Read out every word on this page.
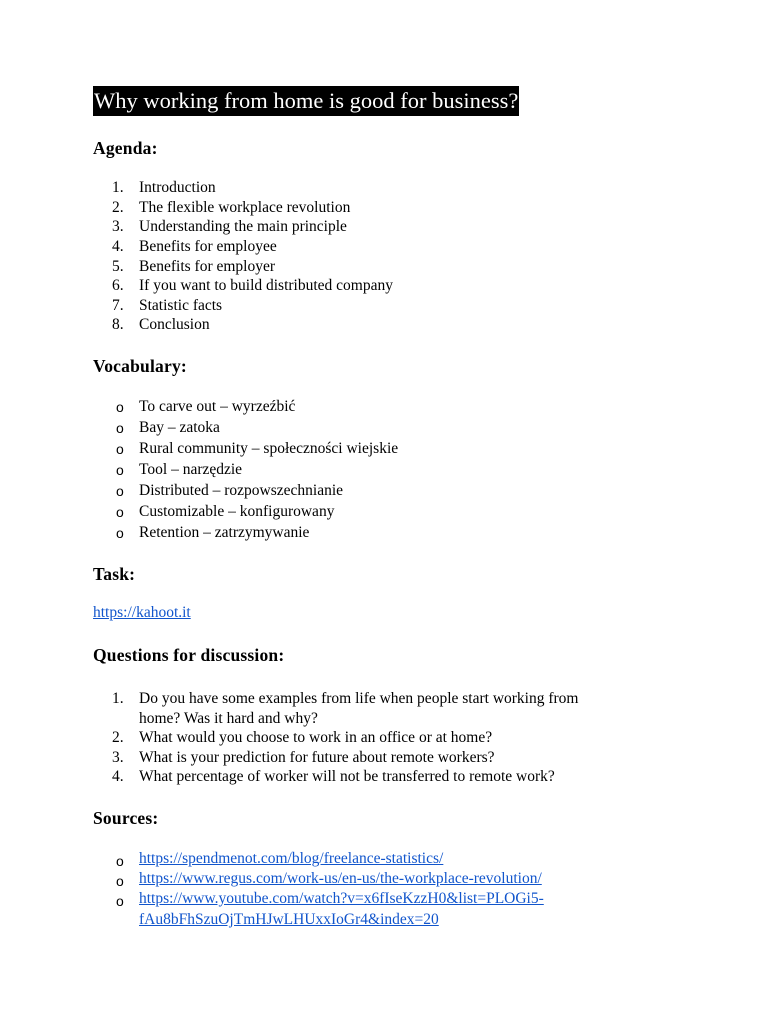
Why working from home is good for business?
Agenda:
1. Introduction
2. The flexible workplace revolution
3. Understanding the main principle
4. Benefits for employee
5. Benefits for employer
6. If you want to build distributed company
7. Statistic facts
8. Conclusion
Vocabulary:
o To carve out – wyrzeźbić
o Bay – zatoka
o Rural community – społeczności wiejskie
o Tool – narzędzie
o Distributed – rozpowszechnianie
o Customizable – konfigurowany
o Retention – zatrzymywanie
Task:
https://kahoot.it
Questions for discussion:
1. Do you have some examples from life when people start working from
home? Was it hard and why?
2. What would you choose to work in an office or at home?
3. What is your prediction for future about remote workers?
4. What percentage of worker will not be transferred to remote work?
Sources:
o https://spendmenot.com/blog/freelance-statistics/
o https://www.regus.com/work-us/en-us/the-workplace-revolution/
o https://www.youtube.com/watch?v=x6fIseKzzH0&list=PLOGi5-
fAu8bFhSzuOjTmHJwLHUxxIoGr4&index=20
